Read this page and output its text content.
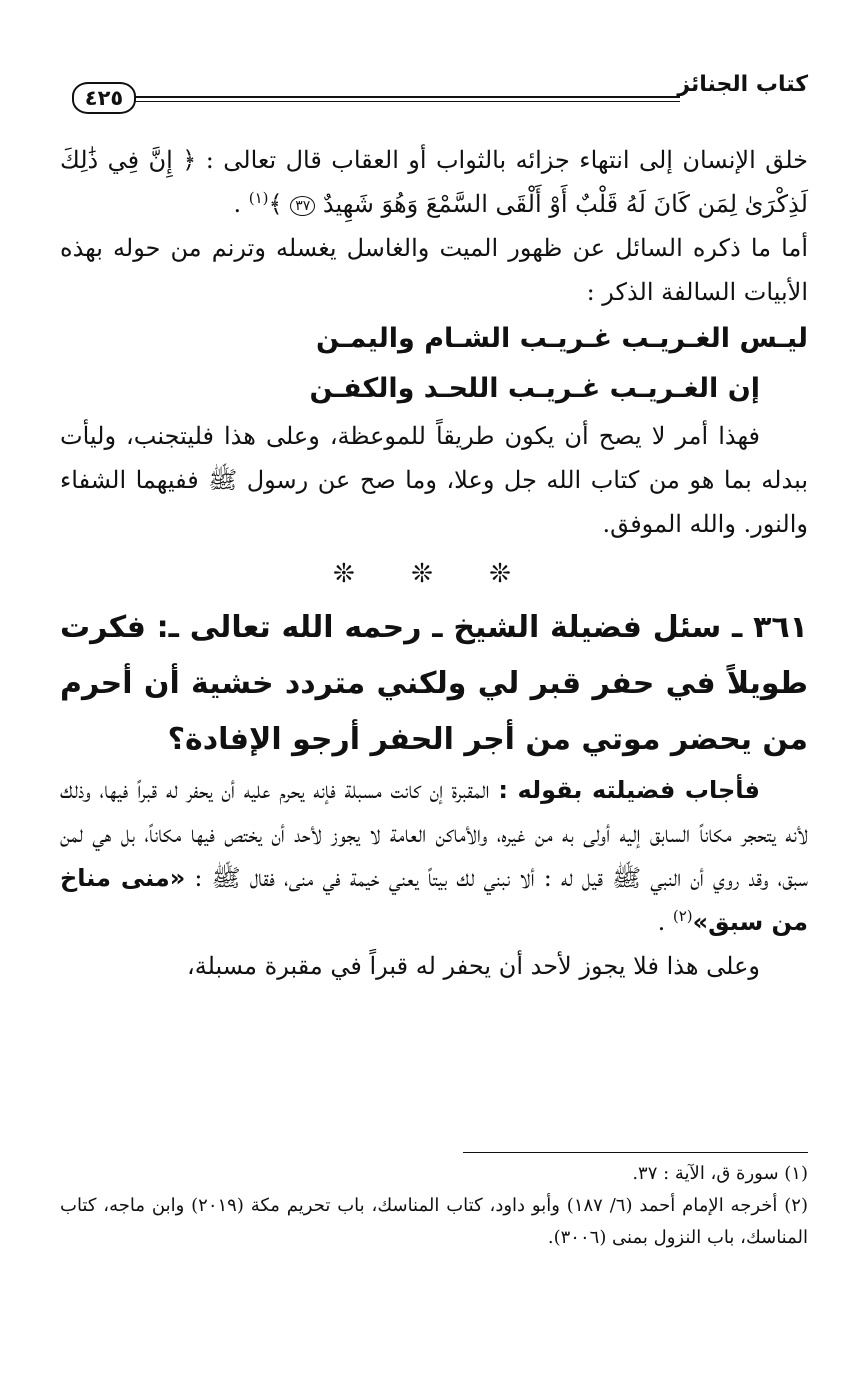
كتاب الجنائز
٤٢٥

خلق الإنسان إلى انتهاء جزائه بالثواب أو العقاب قال تعالى : ﴿ إِنَّ فِي ذَٰلِكَ لَذِكْرَىٰ لِمَن كَانَ لَهُ قَلْبٌ أَوْ أَلْقَى السَّمْعَ وَهُوَ شَهِيدٌ ٣٧ ﴾$^{(١)}$ .

أما ما ذكره السائل عن ظهور الميت والغاسل يغسله وترنم من حوله بهذه الأبيات السالفة الذكر :

ليـس الغـريـب غـريـب الشـام واليمـن

إن الغـريـب غـريـب اللحـد والكفـن

فهذا أمر لا يصح أن يكون طريقاً للموعظة، وعلى هذا فليتجنب، وليأت ببدله بما هو من كتاب الله جل وعلا، وما صح عن رسول ﷺ ففيهما الشفاء والنور. والله الموفق.

❊ ❊ ❊

٣٦١ ـ سئل فضيلة الشيخ ـ رحمه الله تعالى ـ: فكرت طويلاً في حفر قبر لي ولكني متردد خشية أن أحرم من يحضر موتي من أجر الحفر أرجو الإفادة؟

فأجاب فضيلته بقوله : المقبرة إن كانت مسبلة فإنه يحرم عليه أن يحفر له قبراً فيها، وذلك لأنه يتحجر مكاناً السابق إليه أولى به من غيره، والأماكن العامة لا يجوز لأحد أن يختص فيها مكاناً، بل هي لمن سبق، وقد روي أن النبي ﷺ قيل له : ألا نبني لك بيتاً يعني خيمة في منى، فقال ﷺ : «منى مناخ من سبق»$^{(٢)}$ .

وعلى هذا فلا يجوز لأحد أن يحفر له قبراً في مقبرة مسبلة،

(١) سورة ق، الآية : ٣٧.

(٢) أخرجه الإمام أحمد (٦/ ١٨٧) وأبو داود، كتاب المناسك، باب تحريم مكة (٢٠١٩) وابن ماجه، كتاب المناسك، باب النزول بمنى (٣٠٠٦).
